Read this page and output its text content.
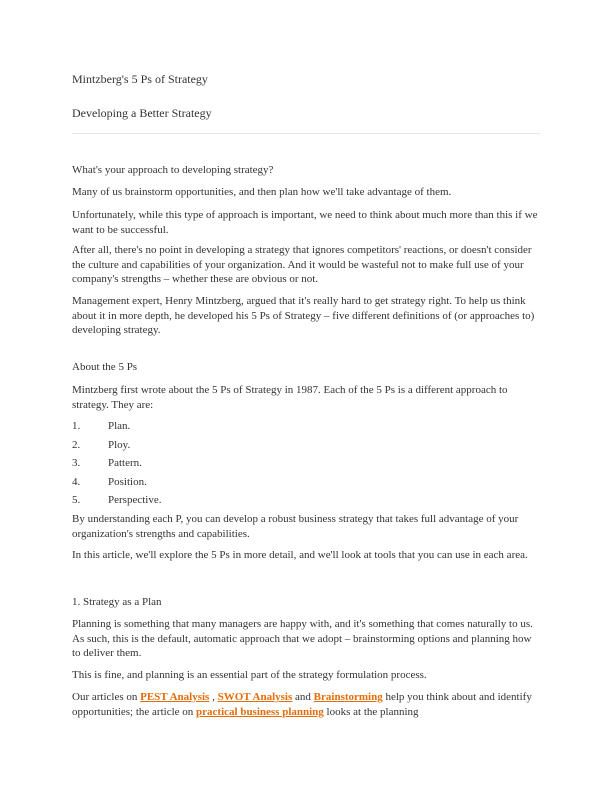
Mintzberg's 5 Ps of Strategy
Developing a Better Strategy
What's your approach to developing strategy?
Many of us brainstorm opportunities, and then plan how we'll take advantage of them.
Unfortunately, while this type of approach is important, we need to think about much more than this if we want to be successful.
After all, there's no point in developing a strategy that ignores competitors' reactions, or doesn't consider the culture and capabilities of your organization. And it would be wasteful not to make full use of your company's strengths – whether these are obvious or not.
Management expert, Henry Mintzberg, argued that it's really hard to get strategy right. To help us think about it in more depth, he developed his 5 Ps of Strategy – five different definitions of (or approaches to) developing strategy.
About the 5 Ps
Mintzberg first wrote about the 5 Ps of Strategy in 1987. Each of the 5 Ps is a different approach to strategy. They are:
1.	Plan.
2.	Ploy.
3.	Pattern.
4.	Position.
5.	Perspective.
By understanding each P, you can develop a robust business strategy that takes full advantage of your organization's strengths and capabilities.
In this article, we'll explore the 5 Ps in more detail, and we'll look at tools that you can use in each area.
1. Strategy as a Plan
Planning is something that many managers are happy with, and it's something that comes naturally to us. As such, this is the default, automatic approach that we adopt – brainstorming options and planning how to deliver them.
This is fine, and planning is an essential part of the strategy formulation process.
Our articles on PEST Analysis , SWOT Analysis and Brainstorming help you think about and identify opportunities; the article on practical business planning looks at the planning
